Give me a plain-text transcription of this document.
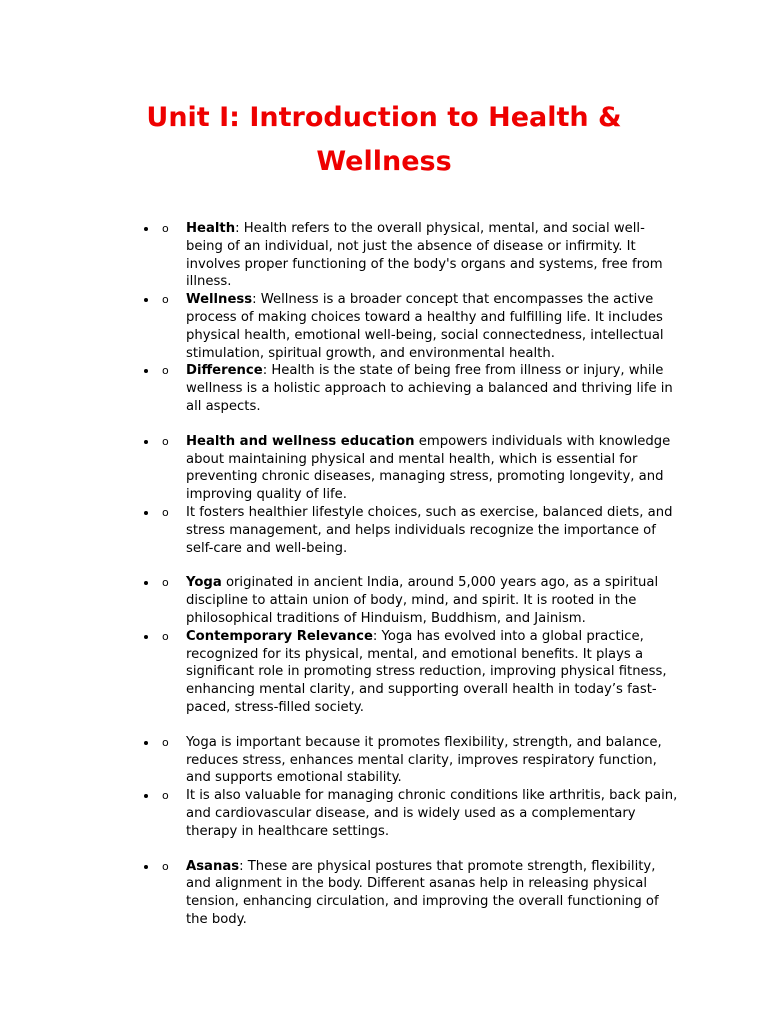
Unit I: Introduction to Health & Wellness
• o Health: Health refers to the overall physical, mental, and social well-being of an individual, not just the absence of disease or infirmity. It involves proper functioning of the body's organs and systems, free from illness.
• o Wellness: Wellness is a broader concept that encompasses the active process of making choices toward a healthy and fulfilling life. It includes physical health, emotional well-being, social connectedness, intellectual stimulation, spiritual growth, and environmental health.
• o Difference: Health is the state of being free from illness or injury, while wellness is a holistic approach to achieving a balanced and thriving life in all aspects.
• o Health and wellness education empowers individuals with knowledge about maintaining physical and mental health, which is essential for preventing chronic diseases, managing stress, promoting longevity, and improving quality of life.
• o It fosters healthier lifestyle choices, such as exercise, balanced diets, and stress management, and helps individuals recognize the importance of self-care and well-being.
• o Yoga originated in ancient India, around 5,000 years ago, as a spiritual discipline to attain union of body, mind, and spirit. It is rooted in the philosophical traditions of Hinduism, Buddhism, and Jainism.
• o Contemporary Relevance: Yoga has evolved into a global practice, recognized for its physical, mental, and emotional benefits. It plays a significant role in promoting stress reduction, improving physical fitness, enhancing mental clarity, and supporting overall health in today’s fast-paced, stress-filled society.
• o Yoga is important because it promotes flexibility, strength, and balance, reduces stress, enhances mental clarity, improves respiratory function, and supports emotional stability.
• o It is also valuable for managing chronic conditions like arthritis, back pain, and cardiovascular disease, and is widely used as a complementary therapy in healthcare settings.
• o Asanas: These are physical postures that promote strength, flexibility, and alignment in the body. Different asanas help in releasing physical tension, enhancing circulation, and improving the overall functioning of the body.
